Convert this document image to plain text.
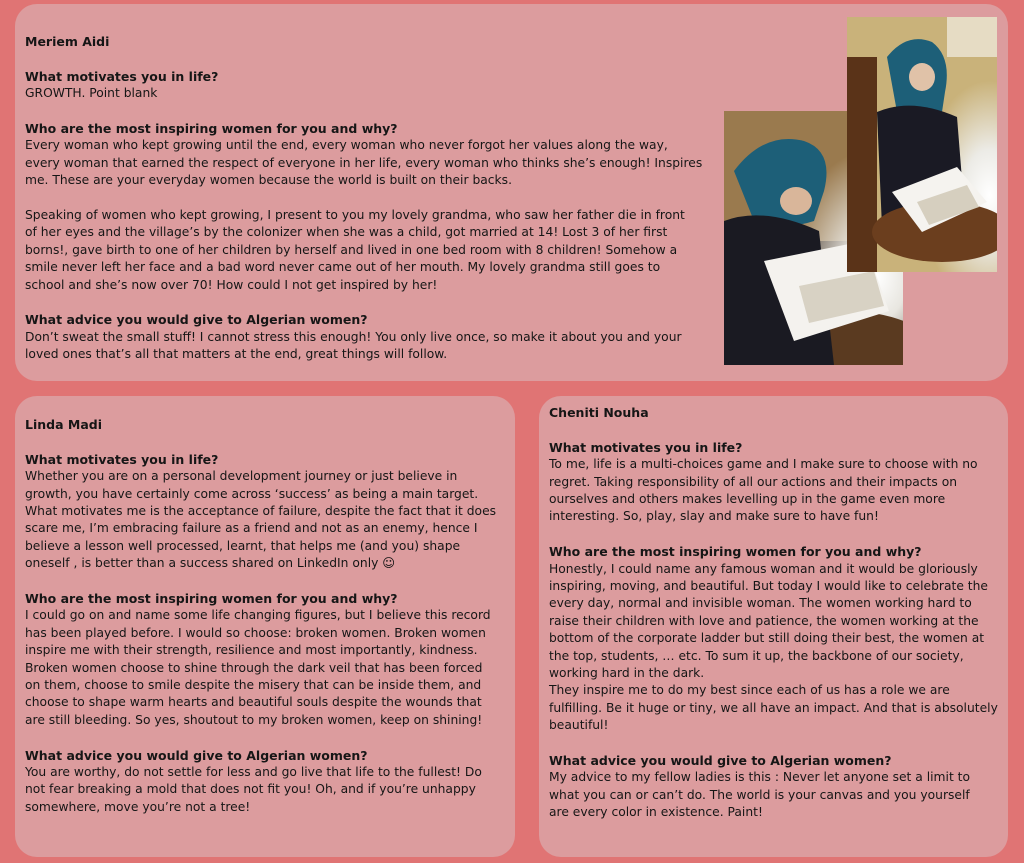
Meriem Aidi

What motivates you in life?

GROWTH. Point blank

Who are the most inspiring women for you and why?

Every woman who kept growing until the end, every woman who never forgot her values along the way,
every woman that earned the respect of everyone in her life, every woman who thinks she’s enough! Inspires
me. These are your everyday women because the world is built on their backs.

Speaking of women who kept growing, I present to you my lovely grandma, who saw her father die in front
of her eyes and the village’s by the colonizer when she was a child, got married at 14! Lost 3 of her first
borns!, gave birth to one of her children by herself and lived in one bed room with 8 children! Somehow a
smile never left her face and a bad word never came out of her mouth. My lovely grandma still goes to
school and she’s now over 70! How could I not get inspired by her!

What advice you would give to Algerian women?

Don’t sweat the small stuff! I cannot stress this enough! You only live once, so make it about you and your
loved ones that’s all that matters at the end, great things will follow.

Linda Madi

What motivates you in life?

Whether you are on a personal development journey or just believe in
growth, you have certainly come across ‘success’ as being a main target.
What motivates me is the acceptance of failure, despite the fact that it does
scare me, I’m embracing failure as a friend and not as an enemy, hence I
believe a lesson well processed, learnt, that helps me (and you) shape
oneself , is better than a success shared on LinkedIn only ☺

Who are the most inspiring women for you and why?

I could go on and name some life changing figures, but I believe this record
has been played before. I would so choose: broken women. Broken women
inspire me with their strength, resilience and most importantly, kindness.
Broken women choose to shine through the dark veil that has been forced
on them, choose to smile despite the misery that can be inside them, and
choose to shape warm hearts and beautiful souls despite the wounds that
are still bleeding. So yes, shoutout to my broken women, keep on shining!

What advice you would give to Algerian women?

You are worthy, do not settle for less and go live that life to the fullest! Do
not fear breaking a mold that does not fit you! Oh, and if you’re unhappy
somewhere, move you’re not a tree!

Cheniti Nouha

What motivates you in life?

To me, life is a multi-choices game and I make sure to choose with no
regret. Taking responsibility of all our actions and their impacts on
ourselves and others makes levelling up in the game even more
interesting. So, play, slay and make sure to have fun!

Who are the most inspiring women for you and why?

Honestly, I could name any famous woman and it would be gloriously
inspiring, moving, and beautiful. But today I would like to celebrate the
every day, normal and invisible woman. The women working hard to
raise their children with love and patience, the women working at the
bottom of the corporate ladder but still doing their best, the women at
the top, students, … etc. To sum it up, the backbone of our society,
working hard in the dark.
They inspire me to do my best since each of us has a role we are
fulfilling. Be it huge or tiny, we all have an impact. And that is absolutely
beautiful!

What advice you would give to Algerian women?

My advice to my fellow ladies is this : Never let anyone set a limit to
what you can or can’t do. The world is your canvas and you yourself
are every color in existence. Paint!
